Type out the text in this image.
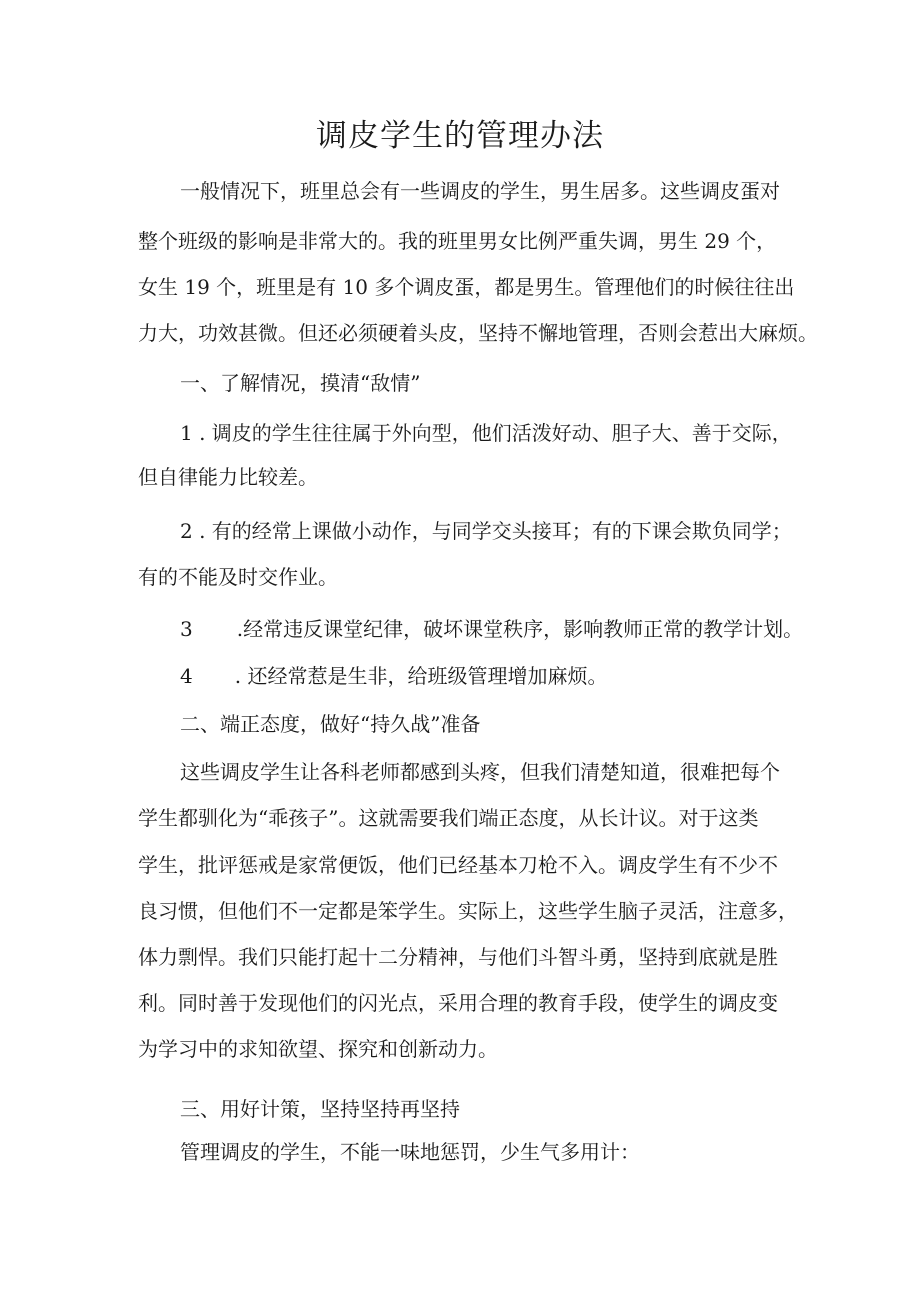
调皮学生的管理办法

一般情况下，班里总会有一些调皮的学生，男生居多。这些调皮蛋对

整个班级的影响是非常大的。我的班里男女比例严重失调，男生 29 个，

女生 19 个，班里是有 10 多个调皮蛋，都是男生。管理他们的时候往往出

力大，功效甚微。但还必须硬着头皮，坚持不懈地管理，否则会惹出大麻烦。

一、了解情况，摸清“敌情”

1 . 调皮的学生往往属于外向型，他们活泼好动、胆子大、善于交际，

但自律能力比较差。

2 . 有的经常上课做小动作，与同学交头接耳；有的下课会欺负同学；

有的不能及时交作业。

3 .经常违反课堂纪律，破坏课堂秩序，影响教师正常的教学计划。

4 . 还经常惹是生非，给班级管理增加麻烦。

二、端正态度，做好“持久战”准备

这些调皮学生让各科老师都感到头疼，但我们清楚知道，很难把每个

学生都驯化为“乖孩子”。这就需要我们端正态度，从长计议。对于这类

学生，批评惩戒是家常便饭，他们已经基本刀枪不入。调皮学生有不少不

良习惯，但他们不一定都是笨学生。实际上，这些学生脑子灵活，注意多，

体力剽悍。我们只能打起十二分精神，与他们斗智斗勇，坚持到底就是胜

利。同时善于发现他们的闪光点，采用合理的教育手段，使学生的调皮变

为学习中的求知欲望、探究和创新动力。

三、用好计策，坚持坚持再坚持

管理调皮的学生，不能一味地惩罚，少生气多用计：
